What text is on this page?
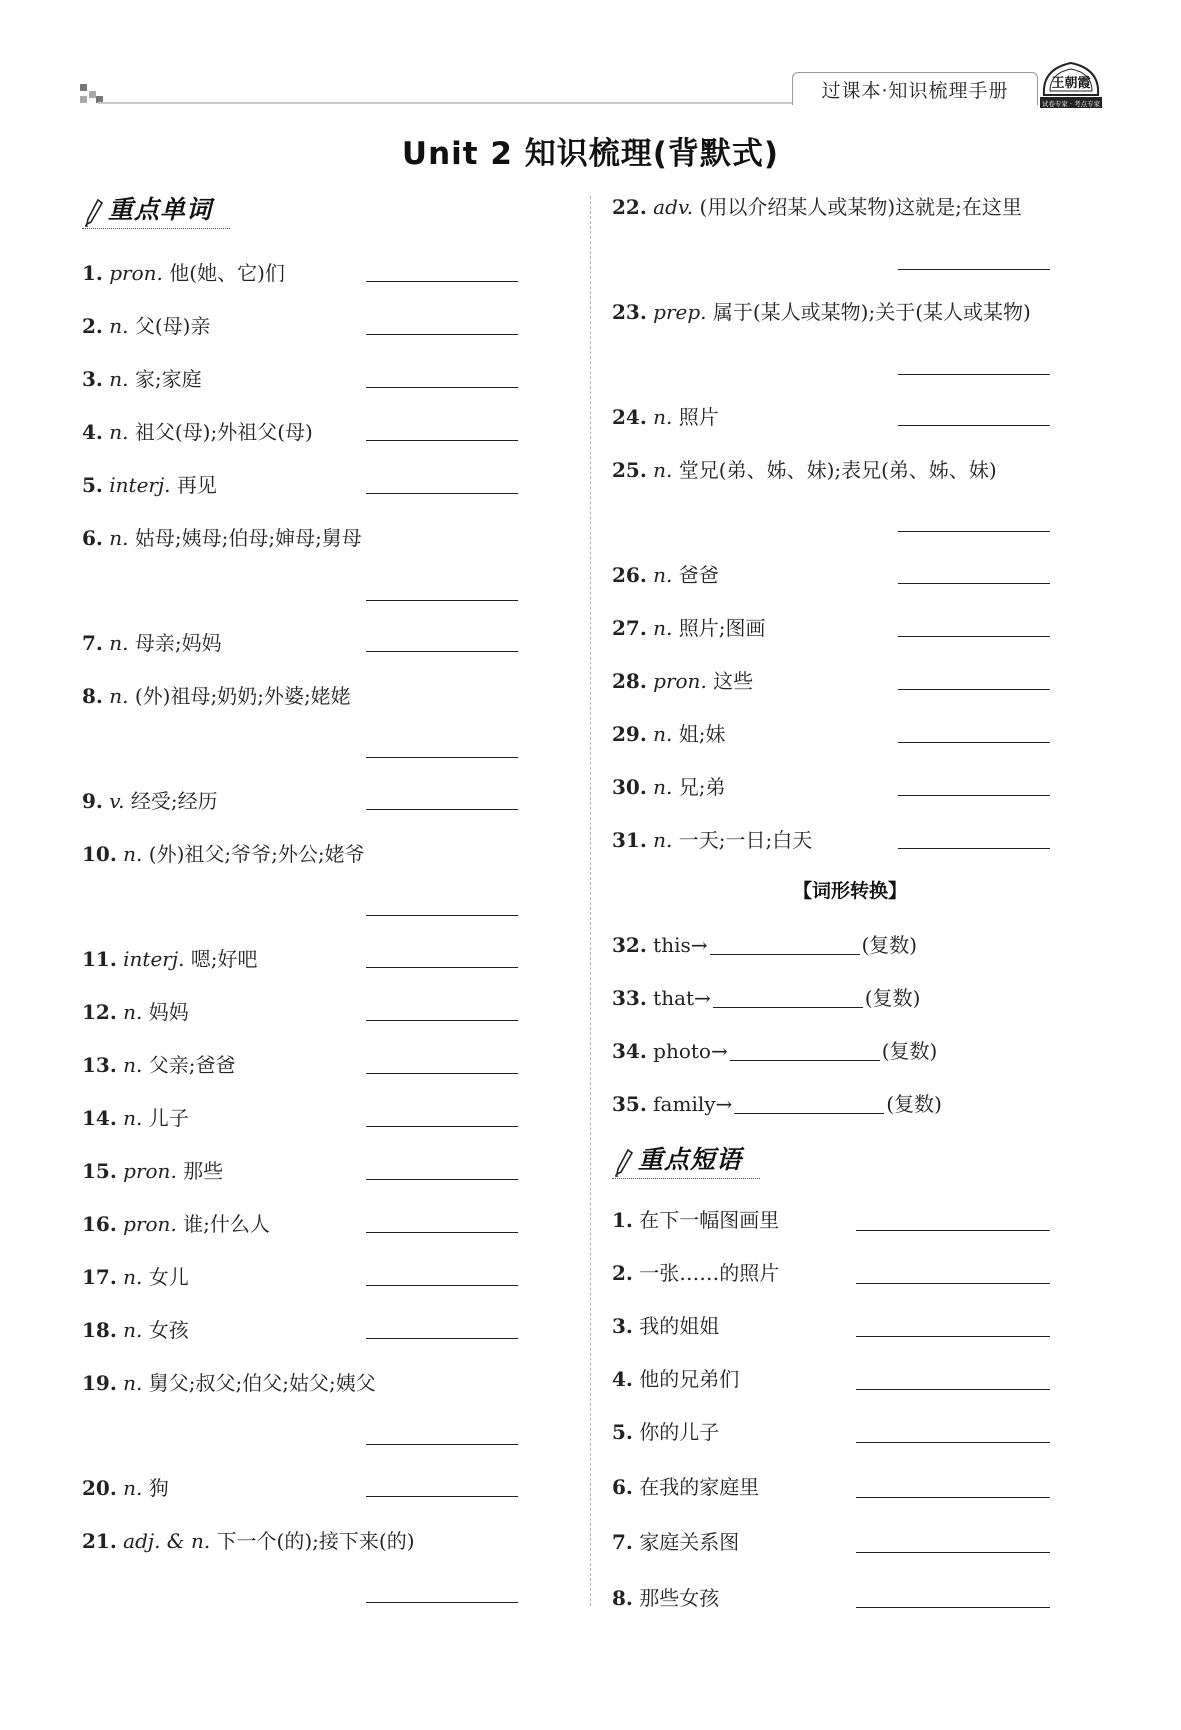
过课本·知识梳理手册	王朝霞
试卷专家 · 考点专家
Unit 2 知识梳理(背默式)
重点单词
1. pron. 他(她、它)们
2. n. 父(母)亲
3. n. 家;家庭
4. n. 祖父(母);外祖父(母)
5. interj. 再见
6. n. 姑母;姨母;伯母;婶母;舅母
7. n. 母亲;妈妈
8. n. (外)祖母;奶奶;外婆;姥姥
9. v. 经受;经历
10. n. (外)祖父;爷爷;外公;姥爷
11. interj. 嗯;好吧
12. n. 妈妈
13. n. 父亲;爸爸
14. n. 儿子
15. pron. 那些
16. pron. 谁;什么人
17. n. 女儿
18. n. 女孩
19. n. 舅父;叔父;伯父;姑父;姨父
20. n. 狗
21. adj. & n. 下一个(的);接下来(的)
22. adv. (用以介绍某人或某物)这就是;在这里
23. prep. 属于(某人或某物);关于(某人或某物)
24. n. 照片
25. n. 堂兄(弟、姊、妹);表兄(弟、姊、妹)
26. n. 爸爸
27. n. 照片;图画
28. pron. 这些
29. n. 姐;妹
30. n. 兄;弟
31. n. 一天;一日;白天
【词形转换】
32. this→	(复数)
33. that→	(复数)
34. photo→	(复数)
35. family→	(复数)
重点短语
1. 在下一幅图画里
2. 一张……的照片
3. 我的姐姐
4. 他的兄弟们
5. 你的儿子
6. 在我的家庭里
7. 家庭关系图
8. 那些女孩
